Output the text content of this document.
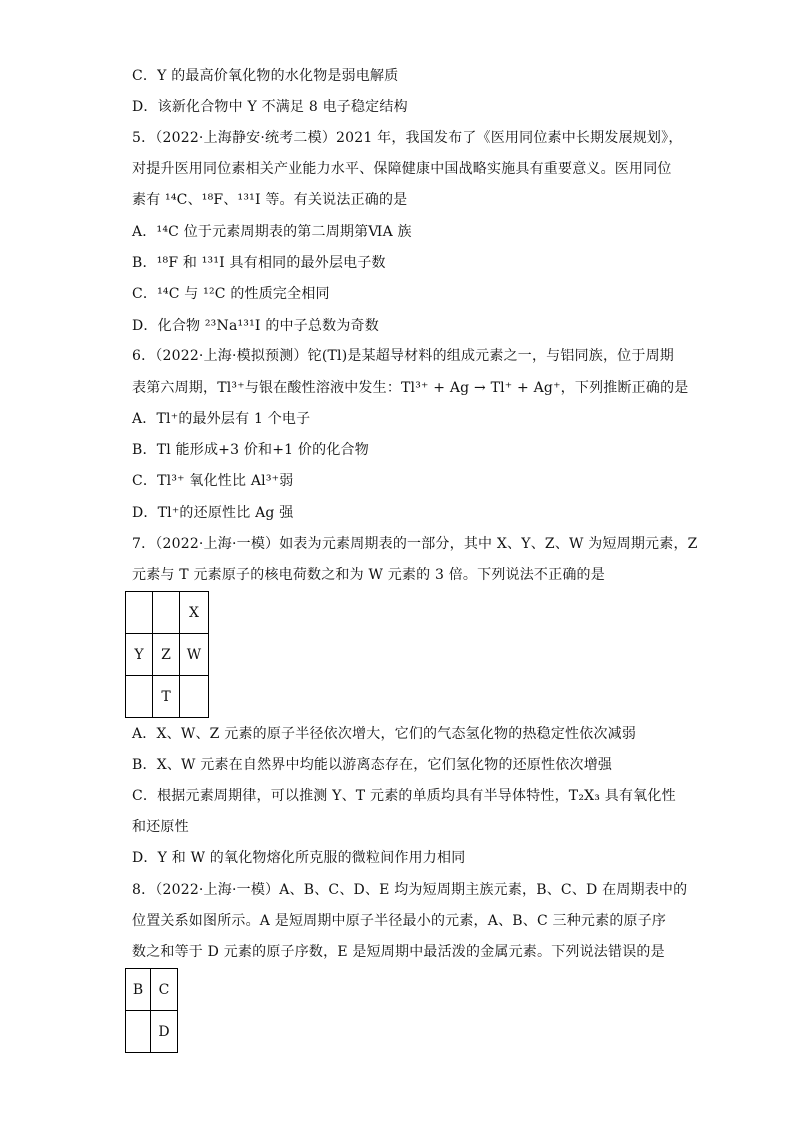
C．Y 的最高价氧化物的水化物是弱电解质
D．该新化合物中 Y 不满足 8 电子稳定结构
5．（2022·上海静安·统考二模）2021 年，我国发布了《医用同位素中长期发展规划》，
对提升医用同位素相关产业能力水平、保障健康中国战略实施具有重要意义。医用同位
素有 ¹⁴C、¹⁸F、¹³¹I 等。有关说法正确的是
A．¹⁴C 位于元素周期表的第二周期第ⅥA 族
B．¹⁸F 和 ¹³¹I 具有相同的最外层电子数
C．¹⁴C 与 ¹²C 的性质完全相同
D．化合物 ²³Na¹³¹I 的中子总数为奇数
6．（2022·上海·模拟预测）铊(Tl)是某超导材料的组成元素之一，与铝同族，位于周期
表第六周期，Tl³⁺与银在酸性溶液中发生：Tl³⁺ + Ag → Tl⁺ + Ag⁺，下列推断正确的是
A．Tl⁺的最外层有 1 个电子
B．Tl 能形成+3 价和+1 价的化合物
C．Tl³⁺ 氧化性比 Al³⁺弱
D．Tl⁺的还原性比 Ag 强
7．（2022·上海·一模）如表为元素周期表的一部分，其中 X、Y、Z、W 为短周期元素，Z
元素与 T 元素原子的核电荷数之和为 W 元素的 3 倍。下列说法不正确的是
		X
Y	Z	W
	T	
A．X、W、Z 元素的原子半径依次增大，它们的气态氢化物的热稳定性依次减弱
B．X、W 元素在自然界中均能以游离态存在，它们氢化物的还原性依次增强
C．根据元素周期律，可以推测 Y、T 元素的单质均具有半导体特性，T₂X₃ 具有氧化性
和还原性
D．Y 和 W 的氧化物熔化所克服的微粒间作用力相同
8．（2022·上海·一模）A、B、C、D、E 均为短周期主族元素，B、C、D 在周期表中的
位置关系如图所示。A 是短周期中原子半径最小的元素，A、B、C 三种元素的原子序
数之和等于 D 元素的原子序数，E 是短周期中最活泼的金属元素。下列说法错误的是
B	C
	D
